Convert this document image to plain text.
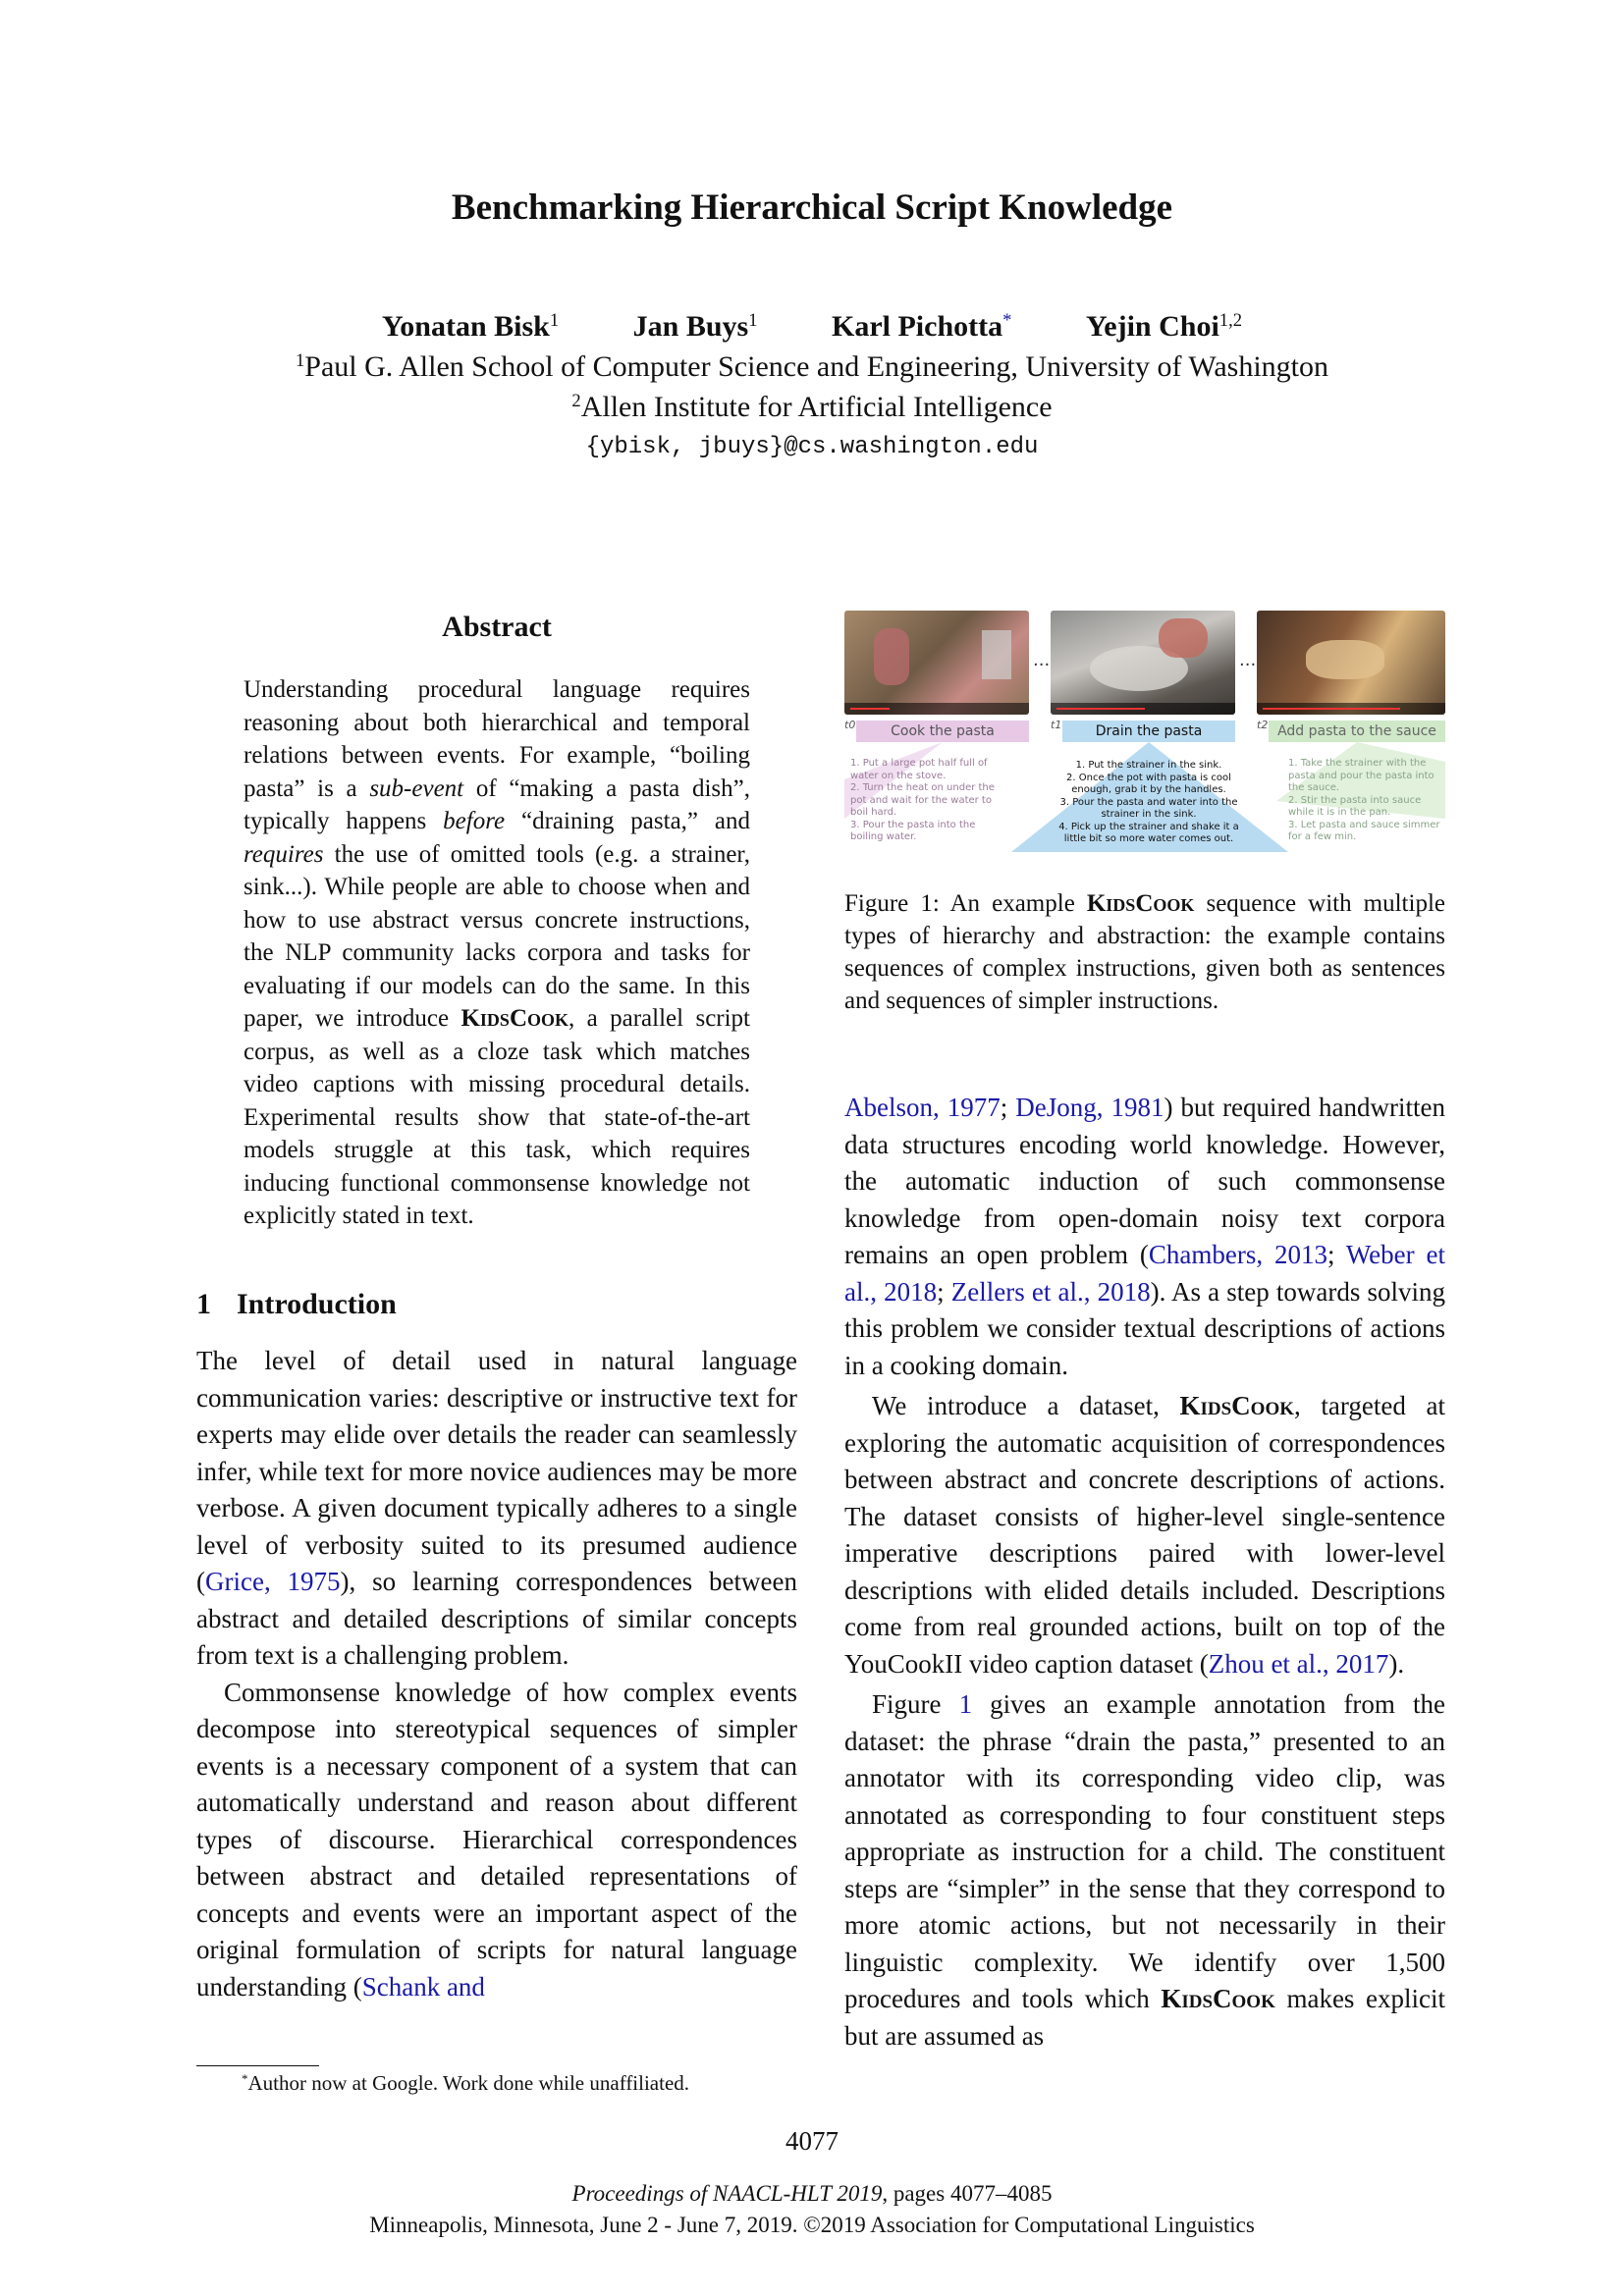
Benchmarking Hierarchical Script Knowledge
Yonatan Bisk$^1$	Jan Buys$^1$	Karl Pichotta*	Yejin Choi$^{1,2}$
$^1$Paul G. Allen School of Computer Science and Engineering, University of Washington
$^2$Allen Institute for Artificial Intelligence
{ybisk, jbuys}@cs.washington.edu
Abstract
Understanding procedural language requires reasoning about both hierarchical and temporal relations between events. For example, “boiling pasta” is a sub-event of “making a pasta dish”, typically happens before “draining pasta,” and requires the use of omitted tools (e.g. a strainer, sink...). While people are able to choose when and how to use abstract versus concrete instructions, the NLP community lacks corpora and tasks for evaluating if our models can do the same. In this paper, we introduce KidsCook, a parallel script corpus, as well as a cloze task which matches video captions with missing procedural details. Experimental results show that state-of-the-art models struggle at this task, which requires inducing functional commonsense knowledge not explicitly stated in text.
1 Introduction

The level of detail used in natural language communication varies: descriptive or instructive text for experts may elide over details the reader can seamlessly infer, while text for more novice audiences may be more verbose. A given document typically adheres to a single level of verbosity suited to its presumed audience (Grice, 1975), so learning correspondences between abstract and detailed descriptions of similar concepts from text is a challenging problem.

Commonsense knowledge of how complex events decompose into stereotypical sequences of simpler events is a necessary component of a system that can automatically understand and reason about different types of discourse. Hierarchical correspondences between abstract and detailed representations of concepts and events were an important aspect of the original formulation of scripts for natural language understanding (Schank and

*Author now at Google. Work done while unaffiliated.
...	...
t0	Cook the pasta	t1	Drain the pasta	t2 Add pasta to the sauce
1. Put a large pot half full of water on the stove.
2. Turn the heat on under the pot and wait for the water to boil hard.
3. Pour the pasta into the boiling water.
1. Put the strainer in the sink.
2. Once the pot with pasta is cool enough, grab it by the handles.
3. Pour the pasta and water into the strainer in the sink.
4. Pick up the strainer and shake it a little bit so more water comes out.
1. Take the strainer with the pasta and pour the pasta into the sauce.
2. Stir the pasta into sauce while it is in the pan.
3. Let pasta and sauce simmer for a few min.
Figure 1: An example KidsCook sequence with multiple types of hierarchy and abstraction: the example contains sequences of complex instructions, given both as sentences and sequences of simpler instructions.

Abelson, 1977; DeJong, 1981) but required handwritten data structures encoding world knowledge. However, the automatic induction of such commonsense knowledge from open-domain noisy text corpora remains an open problem (Chambers, 2013; Weber et al., 2018; Zellers et al., 2018). As a step towards solving this problem we consider textual descriptions of actions in a cooking domain.

We introduce a dataset, KidsCook, targeted at exploring the automatic acquisition of correspondences between abstract and concrete descriptions of actions. The dataset consists of higher-level single-sentence imperative descriptions paired with lower-level descriptions with elided details included. Descriptions come from real grounded actions, built on top of the YouCookII video caption dataset (Zhou et al., 2017).

Figure 1 gives an example annotation from the dataset: the phrase “drain the pasta,” presented to an annotator with its corresponding video clip, was annotated as corresponding to four constituent steps appropriate as instruction for a child. The constituent steps are “simpler” in the sense that they correspond to more atomic actions, but not necessarily in their linguistic complexity. We identify over 1,500 procedures and tools which KidsCook makes explicit but are assumed as

4077
Proceedings of NAACL-HLT 2019, pages 4077–4085
Minneapolis, Minnesota, June 2 - June 7, 2019. ©2019 Association for Computational Linguistics
